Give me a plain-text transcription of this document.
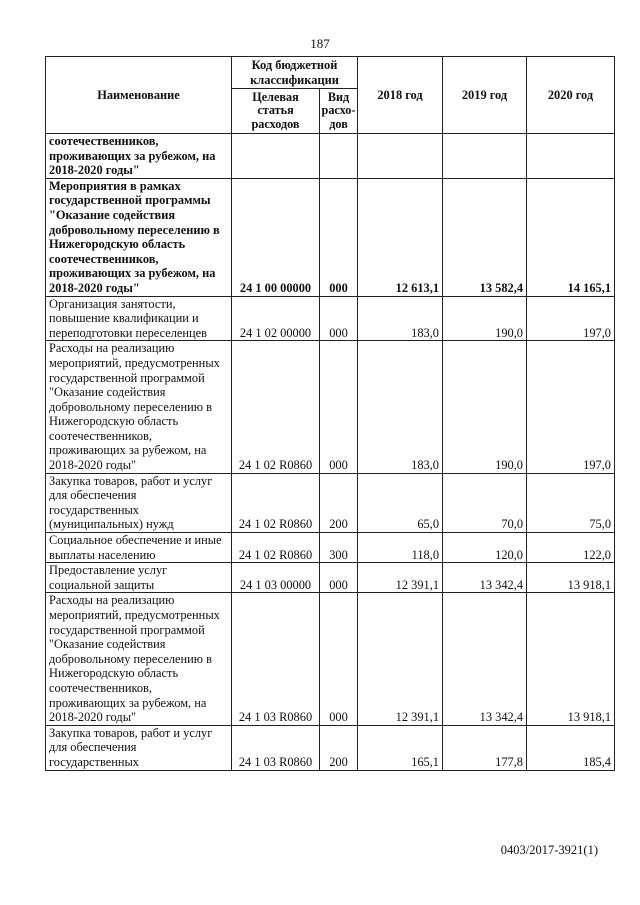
187
Наименование	Код бюджетной классификации		2018 год	2019 год	2020 год
	Целевая статья расходов	Вид расхо-дов			
соотечественников, проживающих за рубежом, на 2018-2020 годы"					
Мероприятия в рамках государственной программы "Оказание содействия добровольному переселению в Нижегородскую область соотечественников, проживающих за рубежом, на 2018-2020 годы"	24 1 00 00000	000	12 613,1	13 582,4	14 165,1
Организация занятости, повышение квалификации и переподготовки переселенцев	24 1 02 00000	000	183,0	190,0	197,0
Расходы на реализацию мероприятий, предусмотренных государственной программой "Оказание содействия добровольному переселению в Нижегородскую область соотечественников, проживающих за рубежом, на 2018-2020 годы"	24 1 02 R0860	000	183,0	190,0	197,0
Закупка товаров, работ и услуг для обеспечения государственных (муниципальных) нужд	24 1 02 R0860	200	65,0	70,0	75,0
Социальное обеспечение и иные выплаты населению	24 1 02 R0860	300	118,0	120,0	122,0
Предоставление услуг социальной защиты	24 1 03 00000	000	12 391,1	13 342,4	13 918,1
Расходы на реализацию мероприятий, предусмотренных государственной программой "Оказание содействия добровольному переселению в Нижегородскую область соотечественников, проживающих за рубежом, на 2018-2020 годы"	24 1 03 R0860	000	12 391,1	13 342,4	13 918,1
Закупка товаров, работ и услуг для обеспечения государственных	24 1 03 R0860	200	165,1	177,8	185,4
0403/2017-3921(1)
